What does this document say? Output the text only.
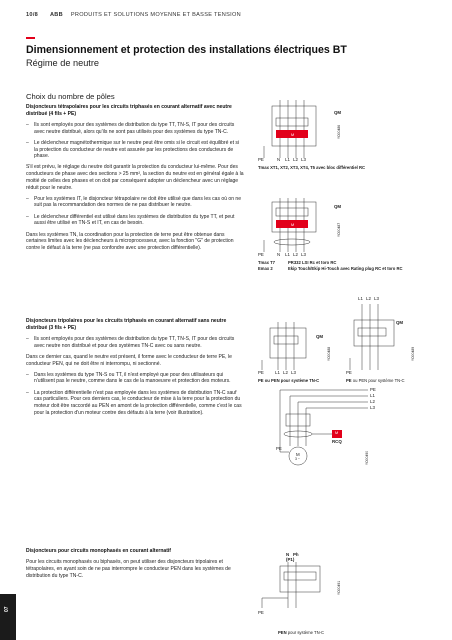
10/8 ABB PRODUITS ET SOLUTIONS MOYENNE ET BASSE TENSION
Dimensionnement et protection des installations électriques BT
Régime de neutre
Choix du nombre de pôles

Disjoncteurs tétrapolaires pour les circuits triphasés en courant alternatif avec neutre distribué (4 fils + PE)

– Ils sont employés pour des systèmes de distribution du type TT, TN-S, IT pour des circuits avec neutre distribué, alors qu'ils ne sont pas utilisés pour des systèmes du type TN-C.
– Le déclencheur magnétothermique sur le neutre peut être omis si le circuit est équilibré et si la protection du conducteur de neutre est assurée par les protections des conducteurs de phase.

S'il est prévu, le réglage du neutre doit garantir la protection du conducteur lui-même. Pour des conducteurs de phase avec des sections > 25 mm², la section du neutre est en général égale à la moitié de celles des phases et on doit par conséquent adopter un déclencheur avec un réglage réduit pour le neutre.

– Pour les systèmes IT, le disjoncteur tétrapolaire ne doit être utilisé que dans les cas où on ne suit pas la recommandation des normes de ne pas distribuer le neutre.
– Le déclencheur différentiel est utilisé dans les systèmes de distribution du type TT, et peut aussi être utilisé en TN-S et IT, en cas de besoin.

Dans les systèmes TN, la coordination pour la protection de terre peut être obtenue dans certaines limites avec les déclencheurs à microprocesseur, avec la fonction "G" de protection contre le défaut à la terre (ne pas confondre avec une protection différentielle).

Disjoncteurs tripolaires pour les circuits triphasés en courant alternatif sans neutre distribué (3 fils + PE)

– Ils sont employés pour des systèmes de distribution du type TT, TN-S, IT pour des circuits avec neutre non distribué et pour des systèmes TN-C avec ou sans neutre.

Dans ce dernier cas, quand le neutre est présent, il forme avec le conducteur de terre PE, le conducteur PEN, qui ne doit être ni interrompu, ni sectionné.

– Dans les systèmes du type TN-S ou TT, il n'est employé que pour des utilisateurs qui n'utilisent pas le neutre, comme dans le cas de la manoeuvre et protection des moteurs.
– La protection différentielle n'est pas employée dans les systèmes de distribution TN-C sauf cas particuliers. Pour ces derniers cas, le conducteur de mise à la terre pour la protection du moteur doit être raccordé au PEN en amont de la protection différentielle, comme c'est le cas pour la protection d'un moteur contre des défauts à la terre (voir illustration).

Disjoncteurs pour circuits monophasés en courant alternatif

Pour les circuits monophasés ou biphasés, on peut utiliser des disjoncteurs tripolaires et tétrapolaires, en ayant soin de ne pas interrompre le conducteur PEN dans les systèmes de distribution du type TN-C.

QM
M	YO00486
PE	N L1 L2 L3
Tmax XT1, XT2, XT3, XT4, T5 avec bloc différentiel RC
QM
M	YO00487
PE	N L1 L2 L3
Tmax T7	PR332 LSI Rc et toro RC
Emax 2	Ekip Touch/Ekip Hi-Touch avec Rating plug RC et toro RC
QM
YO00488
PE	L1 L2 L3
PE ou PEN pour système TN-C
L1 L2 L3
QM
YO00489
PE
PE ou PEN pour système TN-C
PE
L1
L2
L3
PE
M
3 ~
M
RCQ
YO00490
N Ph
(P1)
PE
YO00491
PEN pour système TN-C
07
